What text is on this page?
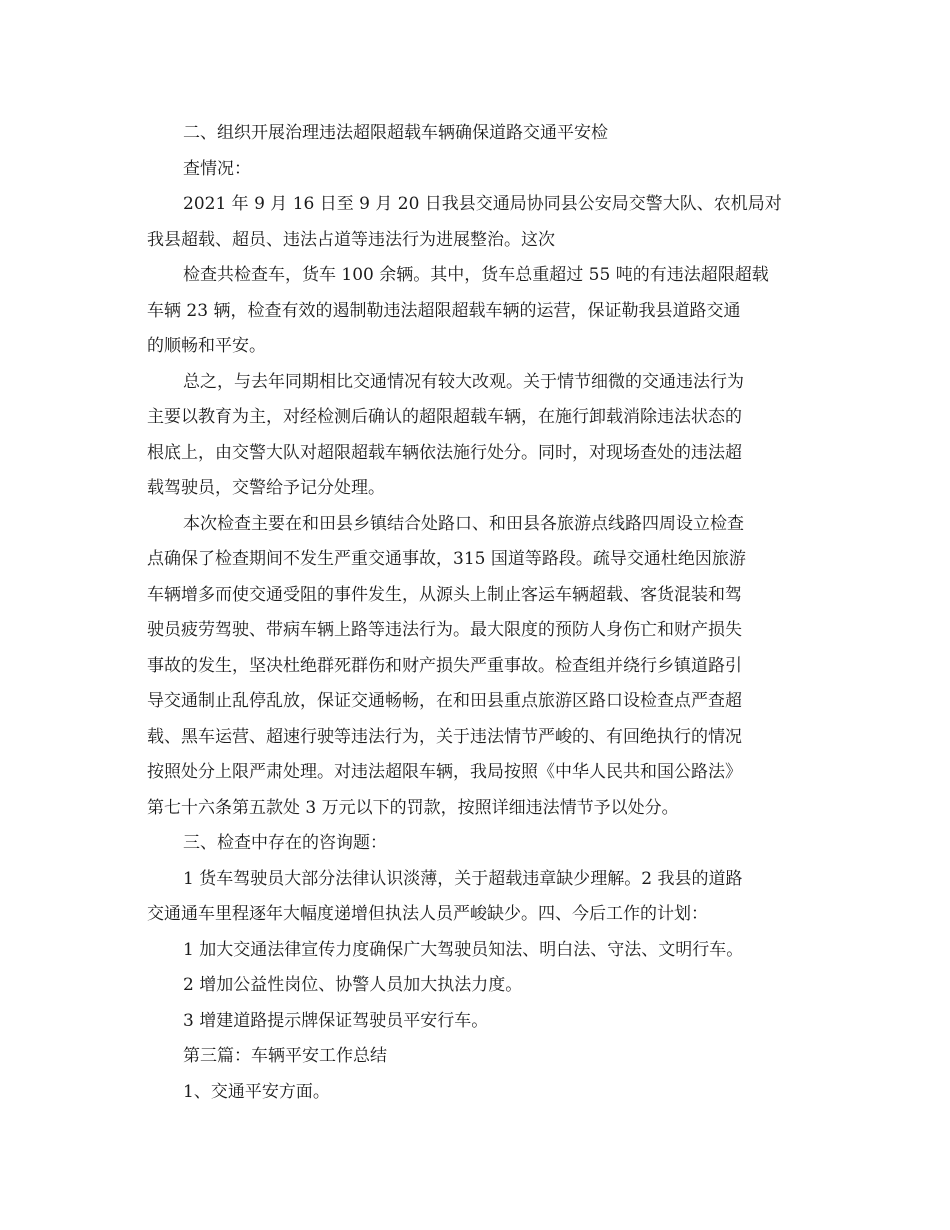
二、组织开展治理违法超限超载车辆确保道路交通平安检
查情况：
2021 年 9 月 16 日至 9 月 20 日我县交通局协同县公安局交警大队、农机局对
我县超载、超员、违法占道等违法行为进展整治。这次
检查共检查车，货车 100 余辆。其中，货车总重超过 55 吨的有违法超限超载
车辆 23 辆，检查有效的遏制勒违法超限超载车辆的运营，保证勒我县道路交通
的顺畅和平安。
总之，与去年同期相比交通情况有较大改观。关于情节细微的交通违法行为
主要以教育为主，对经检测后确认的超限超载车辆，在施行卸载消除违法状态的
根底上，由交警大队对超限超载车辆依法施行处分。同时，对现场查处的违法超
载驾驶员，交警给予记分处理。
本次检查主要在和田县乡镇结合处路口、和田县各旅游点线路四周设立检查
点确保了检查期间不发生严重交通事故，315 国道等路段。疏导交通杜绝因旅游
车辆增多而使交通受阻的事件发生，从源头上制止客运车辆超载、客货混装和驾
驶员疲劳驾驶、带病车辆上路等违法行为。最大限度的预防人身伤亡和财产损失
事故的发生，坚决杜绝群死群伤和财产损失严重事故。检查组并绕行乡镇道路引
导交通制止乱停乱放，保证交通畅畅，在和田县重点旅游区路口设检查点严查超
载、黑车运营、超速行驶等违法行为，关于违法情节严峻的、有回绝执行的情况
按照处分上限严肃处理。对违法超限车辆，我局按照《中华人民共和国公路法》
第七十六条第五款处 3 万元以下的罚款，按照详细违法情节予以处分。
三、检查中存在的咨询题：
1 货车驾驶员大部分法律认识淡薄，关于超载违章缺少理解。2 我县的道路
交通通车里程逐年大幅度递增但执法人员严峻缺少。四、今后工作的计划：
1 加大交通法律宣传力度确保广大驾驶员知法、明白法、守法、文明行车。
2 增加公益性岗位、协警人员加大执法力度。
3 增建道路提示牌保证驾驶员平安行车。
第三篇：车辆平安工作总结
1、交通平安方面。
